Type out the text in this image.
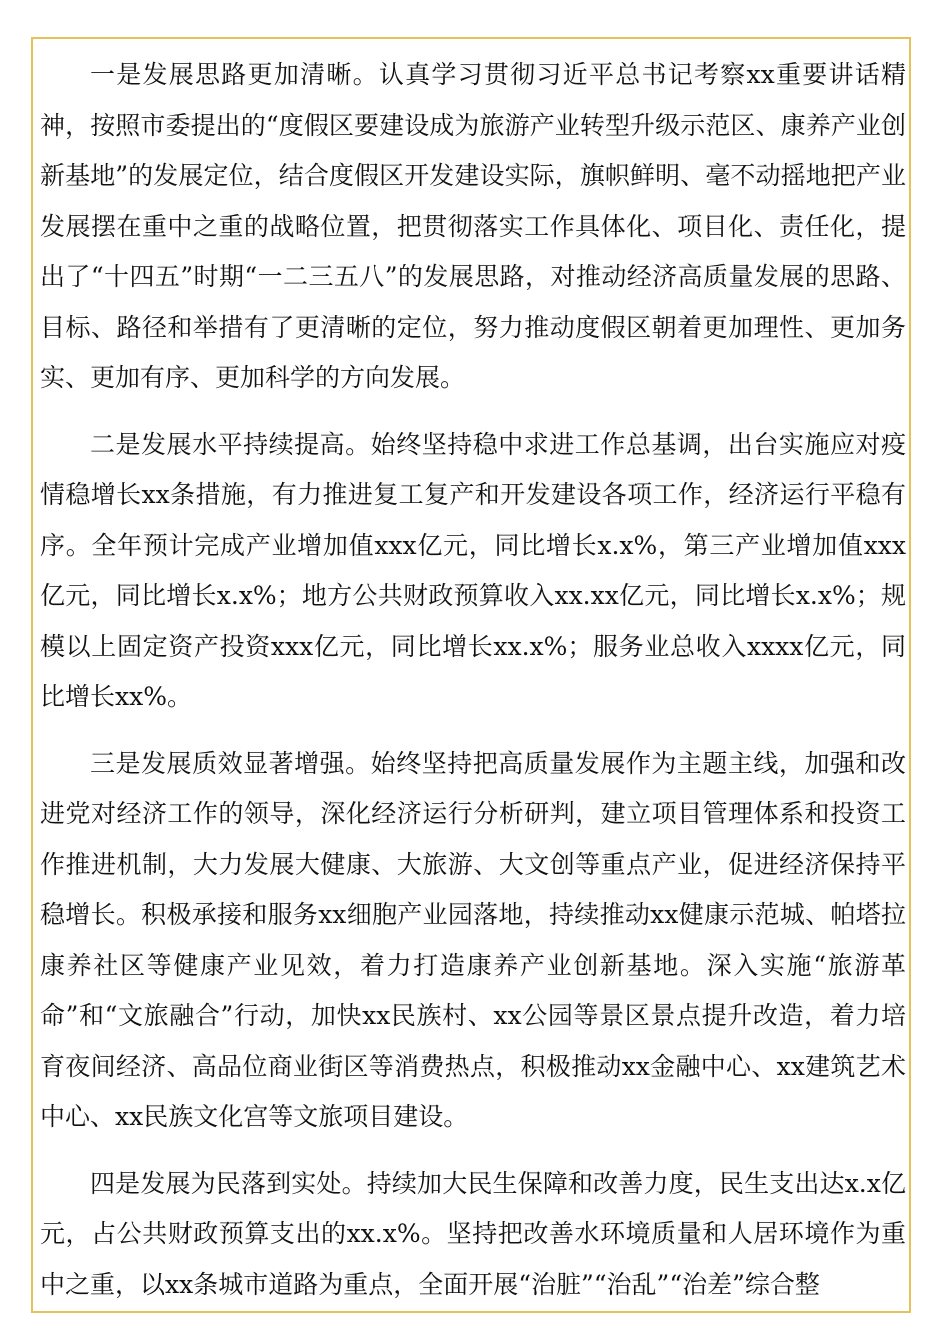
一是发展思路更加清晰。认真学习贯彻习近平总书记考察xx重要讲话精神，按照市委提出的“度假区要建设成为旅游产业转型升级示范区、康养产业创新基地”的发展定位，结合度假区开发建设实际，旗帜鲜明、毫不动摇地把产业发展摆在重中之重的战略位置，把贯彻落实工作具体化、项目化、责任化，提出了“十四五”时期“一二三五八”的发展思路，对推动经济高质量发展的思路、目标、路径和举措有了更清晰的定位，努力推动度假区朝着更加理性、更加务实、更加有序、更加科学的方向发展。

二是发展水平持续提高。始终坚持稳中求进工作总基调，出台实施应对疫情稳增长xx条措施，有力推进复工复产和开发建设各项工作，经济运行平稳有序。全年预计完成产业增加值xxx亿元，同比增长x.x%，第三产业增加值xxx亿元，同比增长x.x%；地方公共财政预算收入xx.xx亿元，同比增长x.x%；规模以上固定资产投资xxx亿元，同比增长xx.x%；服务业总收入xxxx亿元，同比增长xx%。

三是发展质效显著增强。始终坚持把高质量发展作为主题主线，加强和改进党对经济工作的领导，深化经济运行分析研判，建立项目管理体系和投资工作推进机制，大力发展大健康、大旅游、大文创等重点产业，促进经济保持平稳增长。积极承接和服务xx细胞产业园落地，持续推动xx健康示范城、帕塔拉康养社区等健康产业见效，着力打造康养产业创新基地。深入实施“旅游革命”和“文旅融合”行动，加快xx民族村、xx公园等景区景点提升改造，着力培育夜间经济、高品位商业街区等消费热点，积极推动xx金融中心、xx建筑艺术中心、xx民族文化宫等文旅项目建设。

四是发展为民落到实处。持续加大民生保障和改善力度，民生支出达x.x亿元，占公共财政预算支出的xx.x%。坚持把改善水环境质量和人居环境作为重中之重，以xx条城市道路为重点，全面开展“治脏”“治乱”“治差”综合整
